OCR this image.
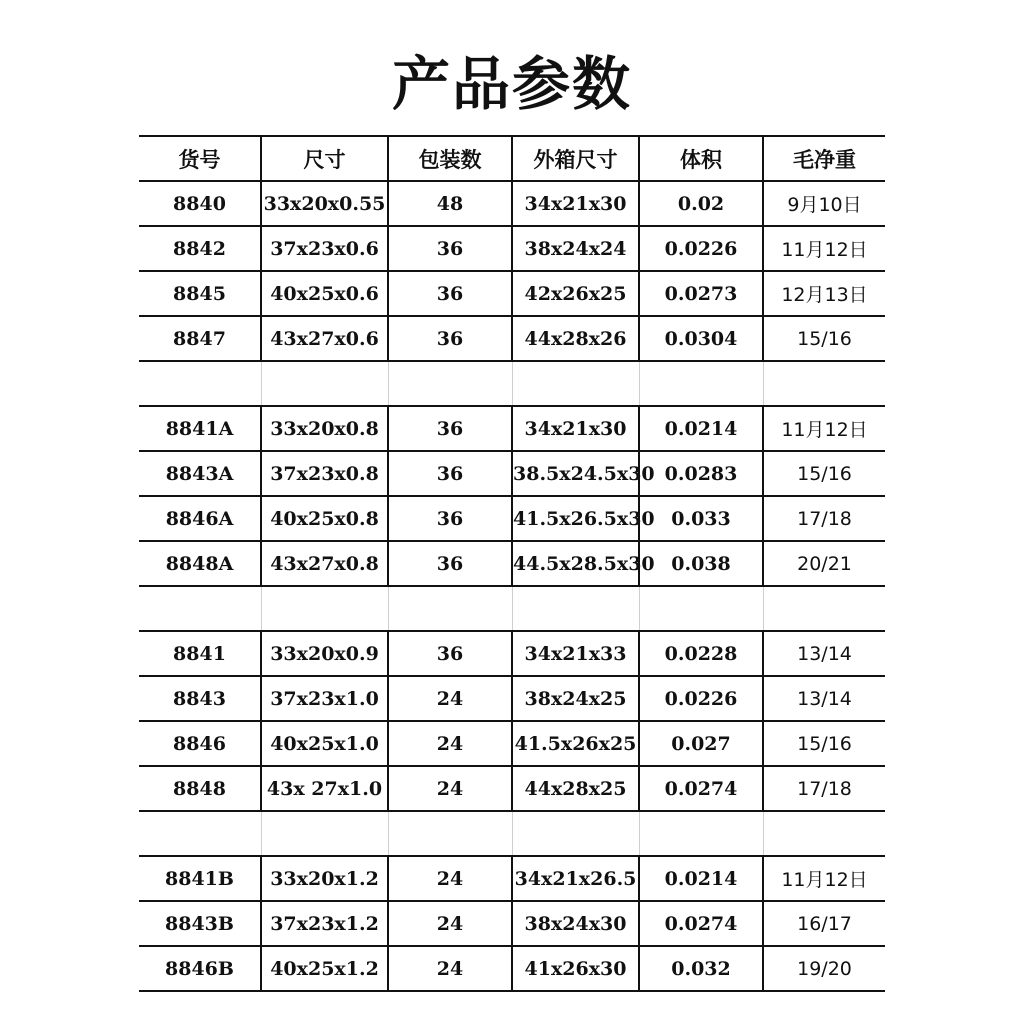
产品参数
货号	尺寸	包装数	外箱尺寸	体积	毛净重
8840	33x20x0.55	48	34x21x30	0.02	9月10日
8842	37x23x0.6	36	38x24x24	0.0226	11月12日
8845	40x25x0.6	36	42x26x25	0.0273	12月13日
8847	43x27x0.6	36	44x28x26	0.0304	15/16

8841A	33x20x0.8	36	34x21x30	0.0214	11月12日
8843A	37x23x0.8	36	38.5x24.5x30	0.0283	15/16
8846A	40x25x0.8	36	41.5x26.5x30	0.033	17/18
8848A	43x27x0.8	36	44.5x28.5x30	0.038	20/21

8841	33x20x0.9	36	34x21x33	0.0228	13/14
8843	37x23x1.0	24	38x24x25	0.0226	13/14
8846	40x25x1.0	24	41.5x26x25	0.027	15/16
8848	43x 27x1.0	24	44x28x25	0.0274	17/18

8841B	33x20x1.2	24	34x21x26.5	0.0214	11月12日
8843B	37x23x1.2	24	38x24x30	0.0274	16/17
8846B	40x25x1.2	24	41x26x30	0.032	19/20
